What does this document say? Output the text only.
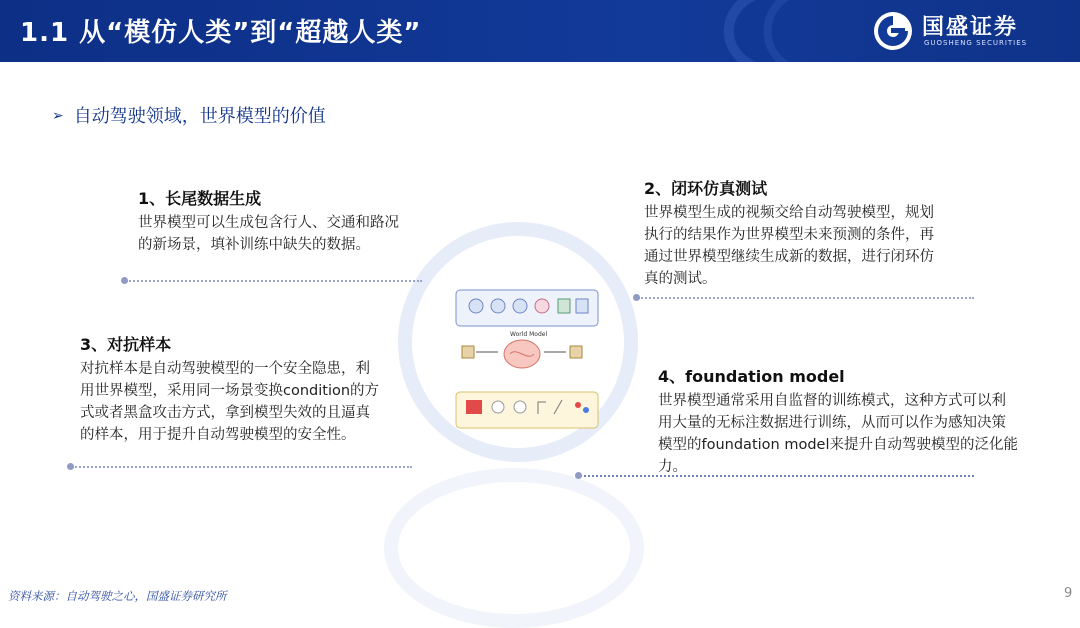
1.1 从“模仿人类”到“超越人类”	国盛证券
GUOSHENG SECURITIES
➢ 自动驾驶领域，世界模型的价值
World Model
1、长尾数据生成
世界模型可以生成包含行人、交通和路况的新场景，填补训练中缺失的数据。
2、闭环仿真测试
世界模型生成的视频交给自动驾驶模型，规划执行的结果作为世界模型未来预测的条件，再通过世界模型继续生成新的数据，进行闭环仿真的测试。
3、对抗样本
对抗样本是自动驾驶模型的一个安全隐患，利用世界模型，采用同一场景变换condition的方式或者黑盒攻击方式，拿到模型失效的且逼真的样本，用于提升自动驾驶模型的安全性。
4、foundation model
世界模型通常采用自监督的训练模式，这种方式可以利用大量的无标注数据进行训练，从而可以作为感知决策模型的foundation model来提升自动驾驶模型的泛化能力。
资料来源：自动驾驶之心，国盛证券研究所	9
